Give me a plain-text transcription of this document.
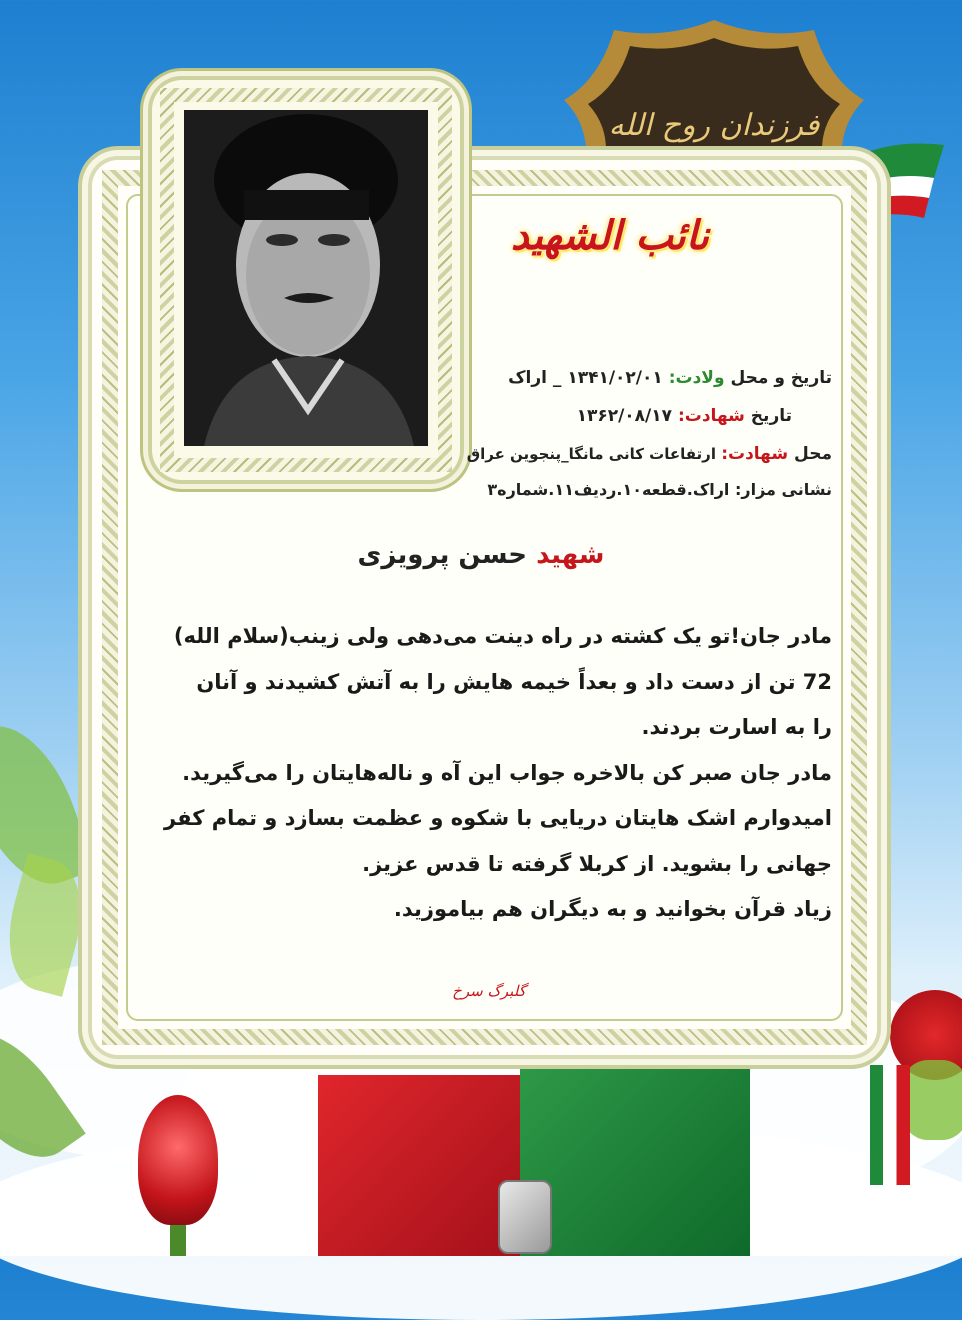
فرزندان روح الله
نائب الشهید
تاریخ و محل ولادت: ۱۳۴۱/۰۲/۰۱ _ اراک
تاریخ شهادت: ۱۳۶۲/۰۸/۱۷
محل شهادت: ارتفاعات کانی مانگا_پنجوین عراق
نشانی مزار: اراک.قطعه۱۰.ردیف۱۱.شماره۳
شهید حسن پرویزی
مادر جان!تو یک کشته در راه دینت می‌دهی ولی زینب(سلام الله)
72 تن از دست داد و بعداً خیمه هایش را به آتش کشیدند و آنان
را به اسارت بردند.
مادر جان صبر کن بالاخره جواب این آه و ناله‌هایتان را می‌گیرید.
امیدوارم اشک هایتان دریایی با شکوه و عظمت بسازد و تمام کفر
جهانی را بشوید. از کربلا گرفته تا قدس عزیز.
زیاد قرآن بخوانید و به دیگران هم بیاموزید.
گلبرگ سرخ
